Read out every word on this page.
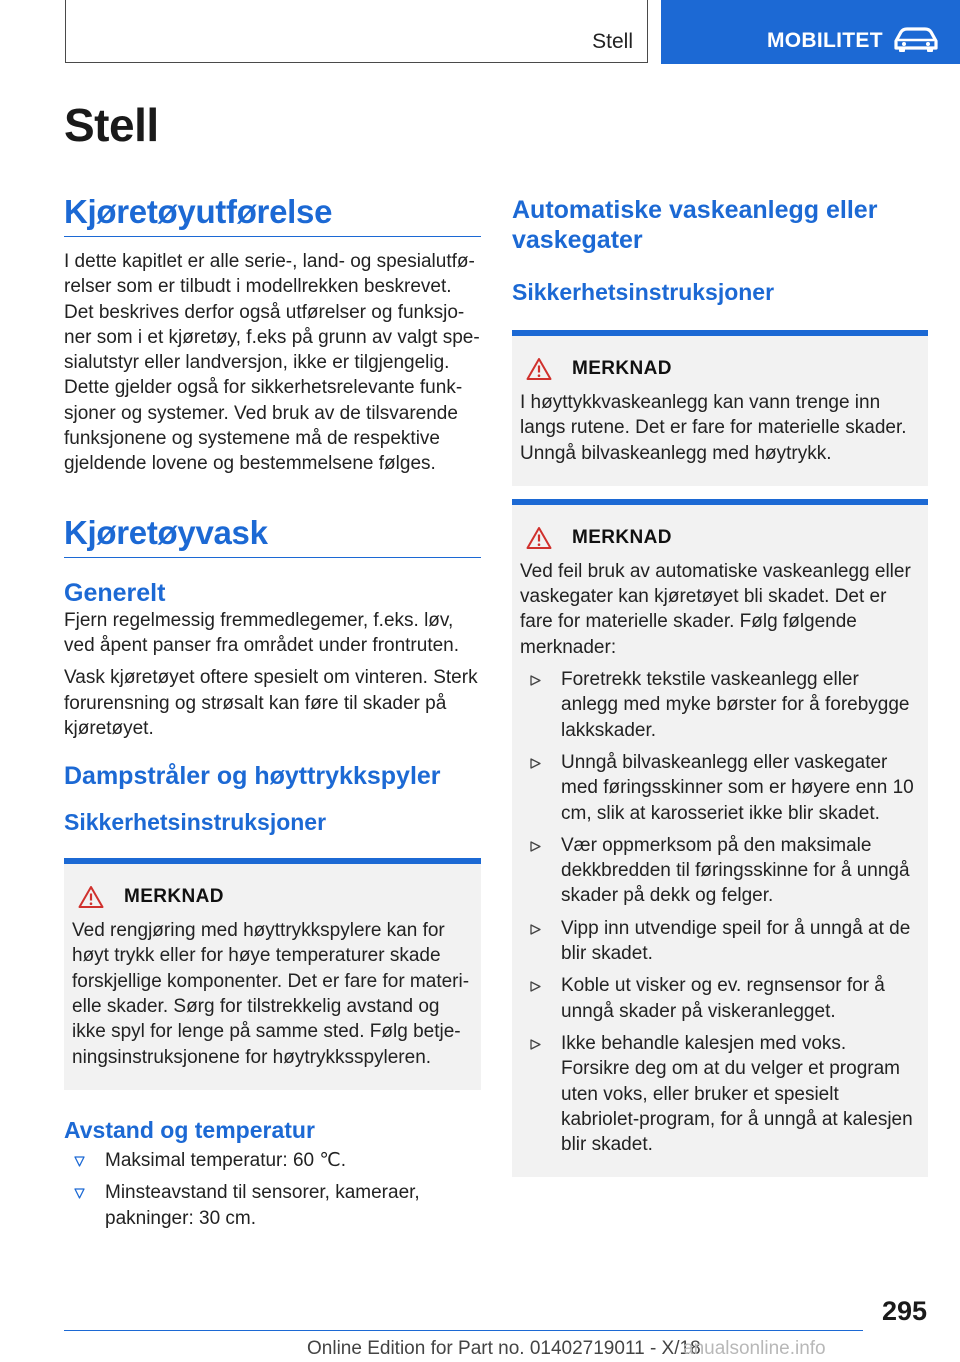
Stell	MOBILITET
Stell
Kjøretøyutførelse

I dette kapitlet er alle serie-, land- og spesialutførelser som er tilbudt i modellrekken beskrevet. Det beskrives derfor også utførelser og funksjoner som i et kjøretøy, f.eks på grunn av valgt spesialutstyr eller landversjon, ikke er tilgjengelig. Dette gjelder også for sikkerhetsrelevante funksjoner og systemer. Ved bruk av de tilsvarende funksjonene og systemene må de respektive gjeldende lovene og bestemmelsene følges.

Kjøretøyvask
Generelt

Fjern regelmessig fremmedlegemer, f.eks. løv, ved åpent panser fra området under frontruten.

Vask kjøretøyet oftere spesielt om vinteren. Sterk forurensning og strøsalt kan føre til skader på kjøretøyet.

Dampstråler og høyttrykkspyler
Sikkerhetsinstruksjoner
MERKNAD

Ved rengjøring med høyttrykkspylere kan for høyt trykk eller for høye temperaturer skade forskjellige komponenter. Det er fare for materielle skader. Sørg for tilstrekkelig avstand og ikke spyl for lenge på samme sted. Følg betjeningsinstruksjonene for høytrykksspyleren.

Avstand og temperatur
Maksimal temperatur: 60 ℃.
Minsteavstand til sensorer, kameraer, pakninger: 30 cm.
Automatiske vaskeanlegg eller vaskegater
Sikkerhetsinstruksjoner
MERKNAD

I høyttykkvaskeanlegg kan vann trenge inn langs rutene. Det er fare for materielle skader. Unngå bilvaskeanlegg med høytrykk.

MERKNAD

Ved feil bruk av automatiske vaskeanlegg eller vaskegater kan kjøretøyet bli skadet. Det er fare for materielle skader. Følg følgende merknader:

Foretrekk tekstile vaskeanlegg eller anlegg med myke børster for å forebygge lakkskader.
Unngå bilvaskeanlegg eller vaskegater med føringsskinner som er høyere enn 10 cm, slik at karosseriet ikke blir skadet.
Vær oppmerksom på den maksimale dekkbredden til føringsskinne for å unngå skader på dekk og felger.
Vipp inn utvendige speil for å unngå at de blir skadet.
Koble ut visker og ev. regnsensor for å unngå skader på viskeranlegget.
Ikke behandle kalesjen med voks. Forsikre deg om at du velger et program uten voks, eller bruker et spesielt kabriolet-program, for å unngå at kalesjen blir skadet.
295
Online Edition for Part no. 01402719011 - X/18
anualsonline.info
